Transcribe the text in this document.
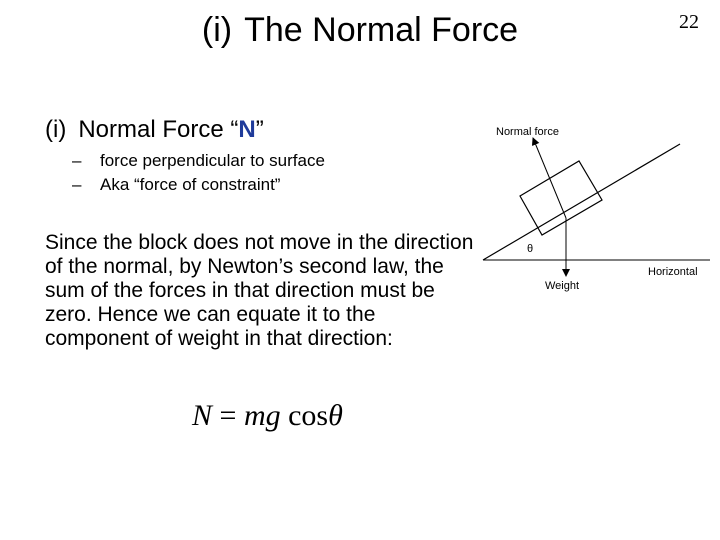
(i) The Normal Force	22
(i) Normal Force “N”
– force perpendicular to surface
– Aka “force of constraint”

Since the block does not move in the direction of the normal, by Newton’s second law, the sum of the forces in that direction must be zero. Hence we can equate it to the component of weight in that direction:

N = mg cosθ
Normal force
Weight
Horizontal
θ
